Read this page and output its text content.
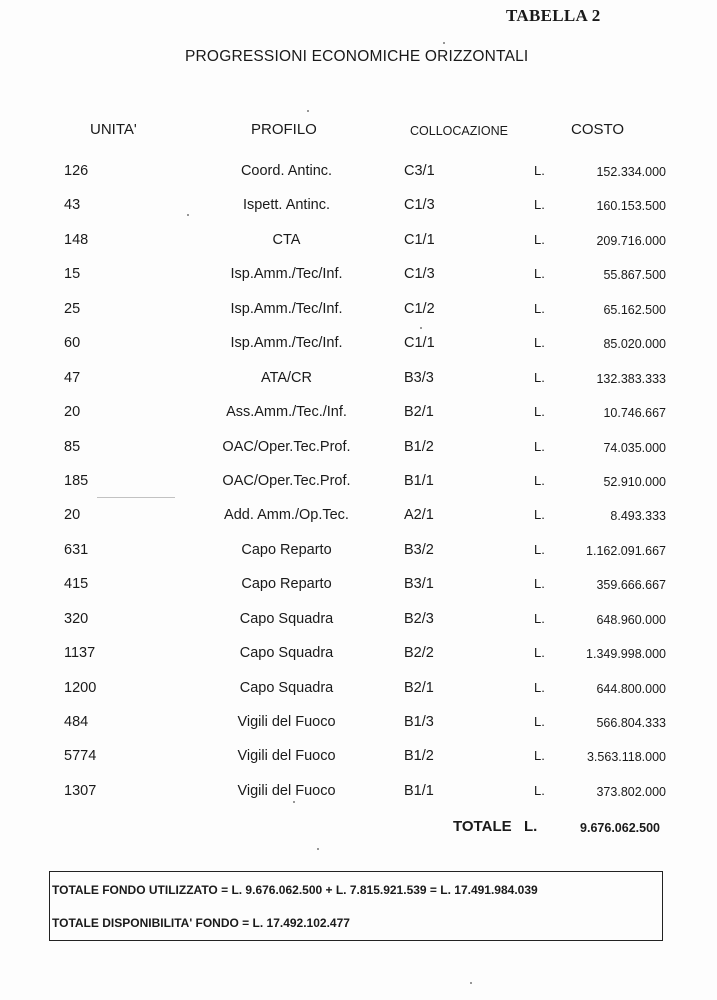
TABELLA 2
PROGRESSIONI ECONOMICHE ORIZZONTALI
UNITA'	PROFILO	COLLOCAZIONE	COSTO
126	Coord. Antinc.	C3/1	L.	152.334.000
43	Ispett. Antinc.	C1/3	L.	160.153.500
148	CTA	C1/1	L.	209.716.000
15	Isp.Amm./Tec/Inf.	C1/3	L.	55.867.500
25	Isp.Amm./Tec/Inf.	C1/2	L.	65.162.500
60	Isp.Amm./Tec/Inf.	C1/1	L.	85.020.000
47	ATA/CR	B3/3	L.	132.383.333
20	Ass.Amm./Tec./Inf.	B2/1	L.	10.746.667
85	OAC/Oper.Tec.Prof.	B1/2	L.	74.035.000
185	OAC/Oper.Tec.Prof.	B1/1	L.	52.910.000
20	Add. Amm./Op.Tec.	A2/1	L.	8.493.333
631	Capo Reparto	B3/2	L.	1.162.091.667
415	Capo Reparto	B3/1	L.	359.666.667
320	Capo Squadra	B2/3	L.	648.960.000
1137	Capo Squadra	B2/2	L.	1.349.998.000
1200	Capo Squadra	B2/1	L.	644.800.000
484	Vigili del Fuoco	B1/3	L.	566.804.333
5774	Vigili del Fuoco	B1/2	L.	3.563.118.000
1307	Vigili del Fuoco	B1/1	L.	373.802.000
TOTALE L.	9.676.062.500
TOTALE FONDO UTILIZZATO = L. 9.676.062.500 + L. 7.815.921.539 = L. 17.491.984.039
TOTALE DISPONIBILITA' FONDO = L. 17.492.102.477
